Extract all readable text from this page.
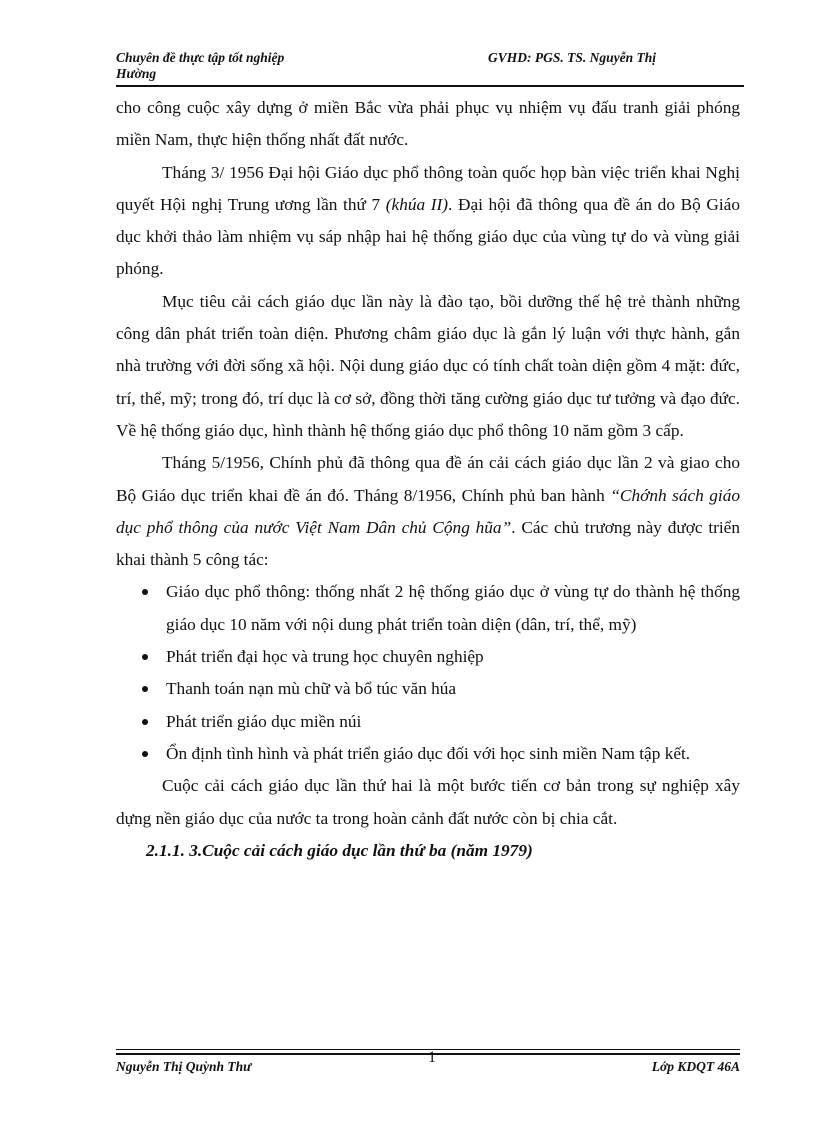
Chuyên đề thực tập tốt nghiệp
Hường
GVHD: PGS. TS. Nguyễn Thị

cho công cuộc xây dựng ở miền Bắc vừa phải phục vụ nhiệm vụ đấu tranh giải phóng miền Nam, thực hiện thống nhất đất nước.

Tháng 3/ 1956 Đại hội Giáo dục phổ thông toàn quốc họp bàn việc triển khai Nghị quyết Hội nghị Trung ương lần thứ 7 (khúa II). Đại hội đã thông qua đề án do Bộ Giáo dục khởi thảo làm nhiệm vụ sáp nhập hai hệ thống giáo dục của vùng tự do và vùng giải phóng.

Mục tiêu cải cách giáo dục lần này là đào tạo, bồi dưỡng thế hệ trẻ thành những công dân phát triển toàn diện. Phương châm giáo dục là gắn lý luận với thực hành, gắn nhà trường với đời sống xã hội. Nội dung giáo dục có tính chất toàn diện gồm 4 mặt: đức, trí, thể, mỹ; trong đó, trí dục là cơ sở, đồng thời tăng cường giáo dục tư tưởng và đạo đức. Về hệ thống giáo dục, hình thành hệ thống giáo dục phổ thông 10 năm gồm 3 cấp.

Tháng 5/1956, Chính phủ đã thông qua đề án cải cách giáo dục lần 2 và giao cho Bộ Giáo dục triển khai đề án đó. Tháng 8/1956, Chính phủ ban hành “Chớnh sách giáo dục phổ thông của nước Việt Nam Dân chủ Cộng hũa”. Các chủ trương này được triển khai thành 5 công tác:

Giáo dục phổ thông: thống nhất 2 hệ thống giáo dục ở vùng tự do thành hệ thống giáo dục 10 năm với nội dung phát triển toàn diện (dân, trí, thể, mỹ)
Phát triển đại học và trung học chuyên nghiệp
Thanh toán nạn mù chữ và bổ túc văn húa
Phát triển giáo dục miền núi
Ổn định tình hình và phát triển giáo dục đối với học sinh miền Nam tập kết.

Cuộc cải cách giáo dục lần thứ hai là một bước tiến cơ bản trong sự nghiệp xây dựng nền giáo dục của nước ta trong hoàn cảnh đất nước còn bị chia cắt.

2.1.1. 3.Cuộc cải cách giáo dục lần thứ ba (năm 1979)

Nguyễn Thị Quỳnh Thư
1
Lớp KDQT 46A
